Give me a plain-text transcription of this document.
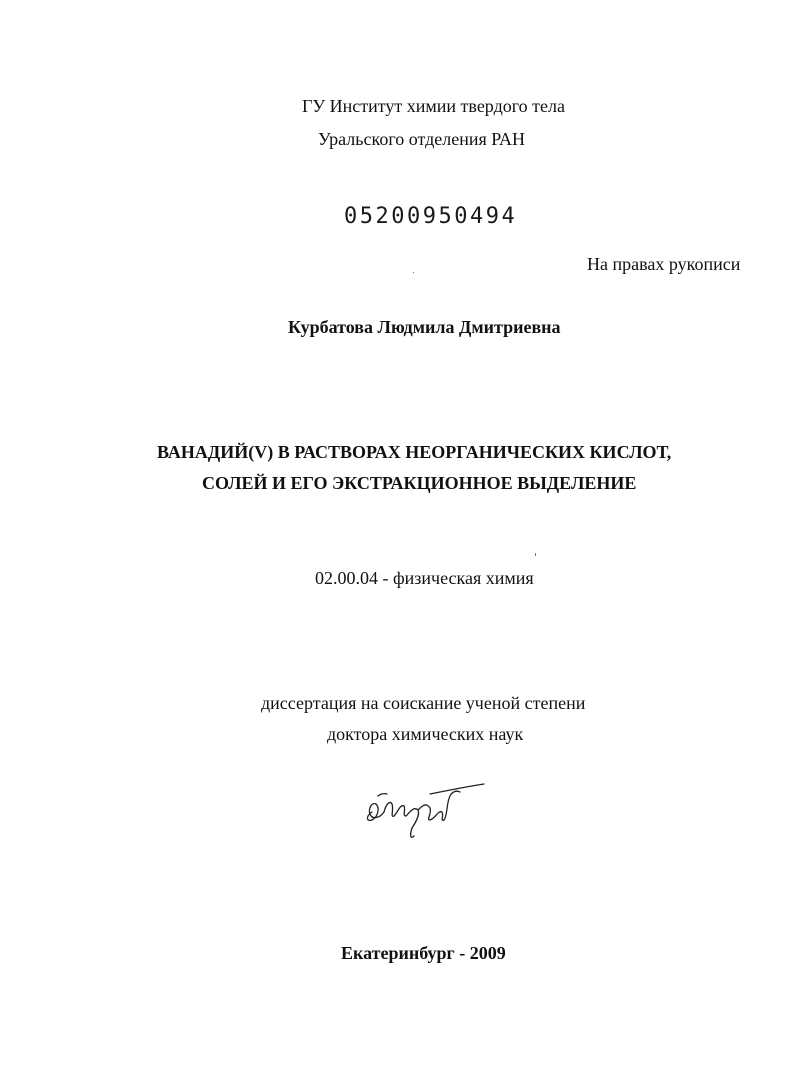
ГУ Институт химии твердого тела
Уральского отделения РАН
05200950494
На правах рукописи
Курбатова Людмила Дмитриевна
ВАНАДИЙ(V) В РАСТВОРАХ НЕОРГАНИЧЕСКИХ КИСЛОТ,
СОЛЕЙ И ЕГО ЭКСТРАКЦИОННОЕ ВЫДЕЛЕНИЕ
02.00.04 - физическая химия
диссертация на соискание ученой степени
доктора химических наук
Екатеринбург - 2009
